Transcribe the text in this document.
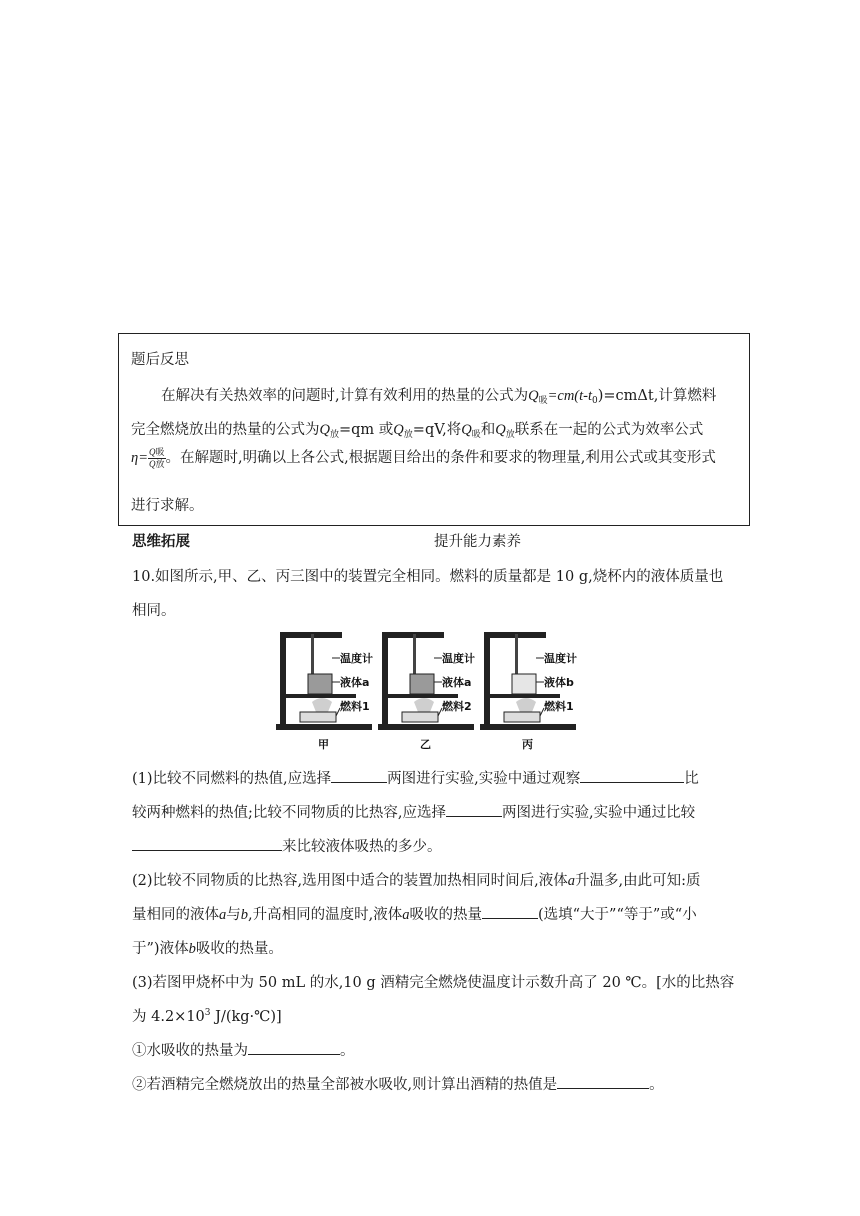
题后反思
在解决有关热效率的问题时,计算有效利用的热量的公式为$Q_吸=cm(t-t_0)=cm\Delta t$,计算燃料
完全燃烧放出的热量的公式为$Q_放=qm$ 或$Q_放=qV$,将$Q_吸$和$Q_放$联系在一起的公式为效率公式
$\eta= \frac{\text{Q吸}}{\text{Q放}}$ 。在解题时,明确以上各公式,根据题目给出的条件和要求的物理量,利用公式或其变形式
进行求解。
思维拓展	提升能力素养
10.如图所示,甲、乙、丙三图中的装置完全相同。燃料的质量都是 10 g,烧杯内的液体质量也
相同。
温度计
液体a
燃料1
温度计
液体a
燃料2
温度计
液体b
燃料1
甲	乙	丙
(1)比较不同燃料的热值,应选择	两图进行实验,实验中通过观察	比
较两种燃料的热值;比较不同物质的比热容,应选择	两图进行实验,实验中通过比较
来比较液体吸热的多少。
(2)比较不同物质的比热容,选用图中适合的装置加热相同时间后,液体a升温多,由此可知:质
量相同的液体a与b,升高相同的温度时,液体a吸收的热量	(选填“大于”“等于”或“小
于”)液体b吸收的热量。
(3)若图甲烧杯中为 50 mL 的水,10 g 酒精完全燃烧使温度计示数升高了 20 ℃。[水的比热容
为 $4.2\times 10^3$ J/(kg·℃)]
①水吸收的热量为	。
②若酒精完全燃烧放出的热量全部被水吸收,则计算出酒精的热值是	。
